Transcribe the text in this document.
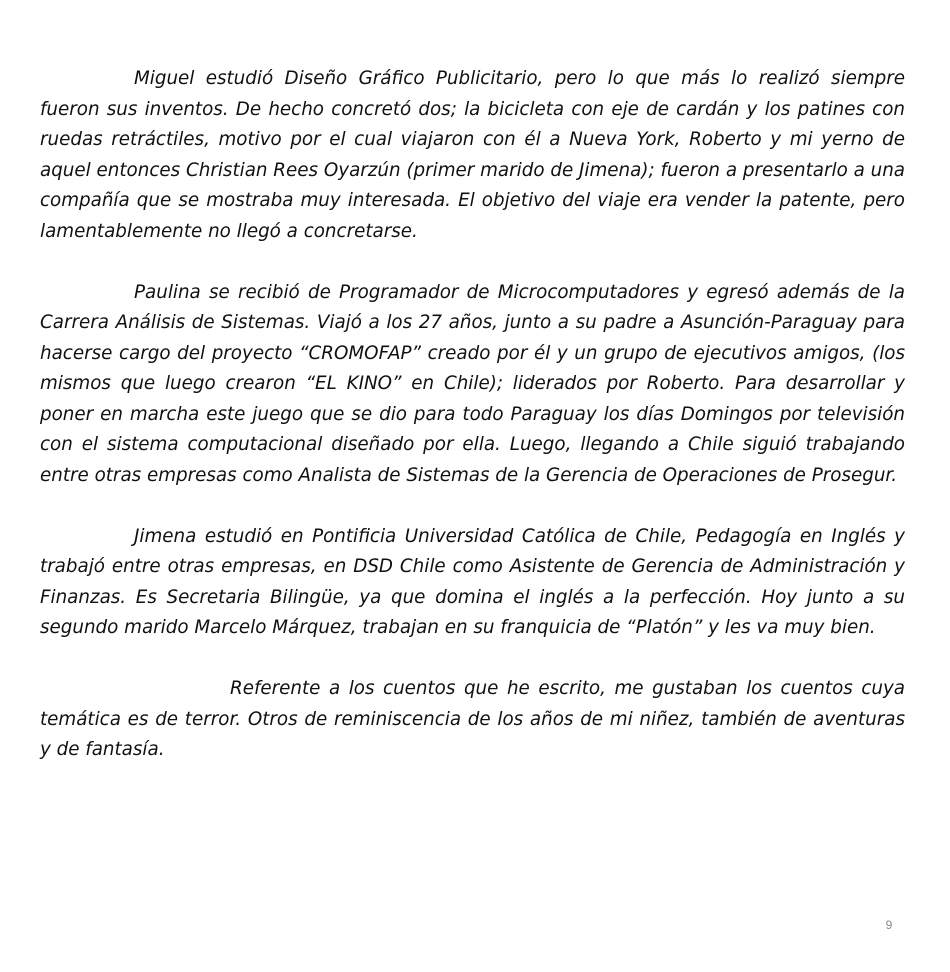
Miguel estudió Diseño Gráfico Publicitario, pero lo que más lo realizó siempre fueron sus inventos. De hecho concretó dos; la bicicleta con eje de cardán y los patines con ruedas retráctiles, motivo por el cual viajaron con él a Nueva York, Roberto y mi yerno de aquel entonces Christian Rees Oyarzún (primer marido de Jimena); fueron a presentarlo a una compañía que se mostraba muy interesada. El objetivo del viaje era vender la patente, pero lamentablemente no llegó a concretarse.

Paulina se recibió de Programador de Microcomputadores y egresó además de la Carrera Análisis de Sistemas. Viajó a los 27 años, junto a su padre a Asunción-Paraguay para hacerse cargo del proyecto “CROMOFAP” creado por él y un grupo de ejecutivos amigos, (los mismos que luego crearon “EL KINO” en Chile); liderados por Roberto. Para desarrollar y poner en marcha este juego que se dio para todo Paraguay los días Domingos por televisión con el sistema computacional diseñado por ella. Luego, llegando a Chile siguió trabajando entre otras empresas como Analista de Sistemas de la Gerencia de Operaciones de Prosegur.

Jimena estudió en Pontificia Universidad Católica de Chile, Pedagogía en Inglés y trabajó entre otras empresas, en DSD Chile como Asistente de Gerencia de Administración y Finanzas. Es Secretaria Bilingüe, ya que domina el inglés a la perfección. Hoy junto a su segundo marido Marcelo Márquez, trabajan en su franquicia de “Platón” y les va muy bien.

Referente a los cuentos que he escrito, me gustaban los cuentos cuya temática es de terror. Otros de reminiscencia de los años de mi niñez, también de aventuras y de fantasía.

9
